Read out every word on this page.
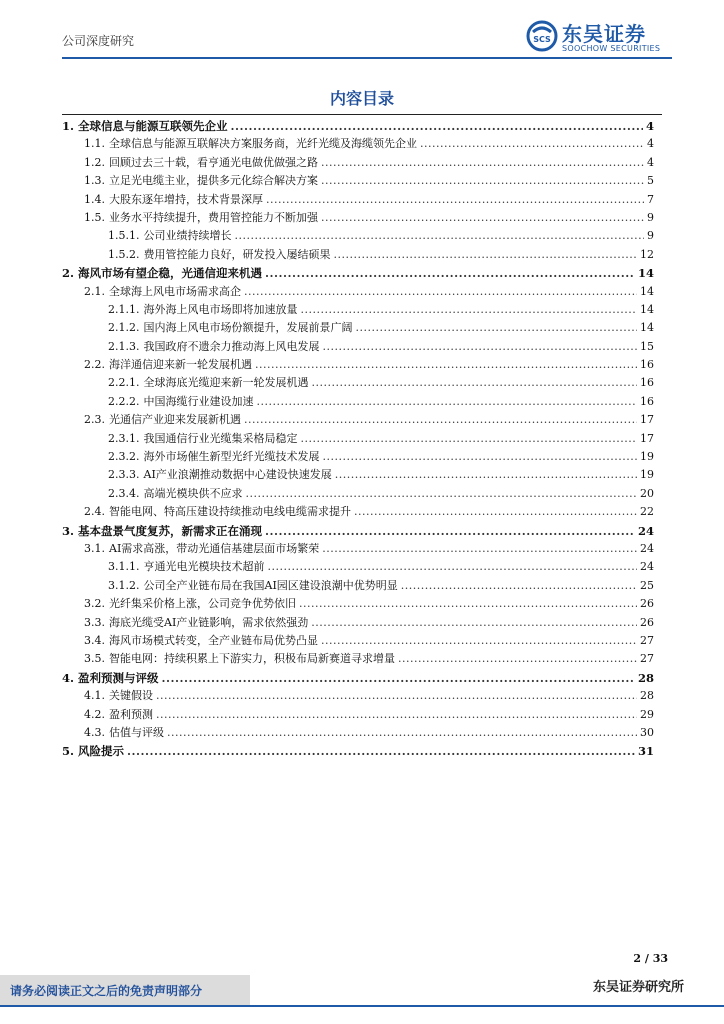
公司深度研究	SCS 东吴证券
SOOCHOW SECURITIES
内容目录
1. 全球信息与能源互联领先企业 .....	4
1.1. 全球信息与能源互联解决方案服务商，光纤光缆及海缆领先企业 .....	4
1.2. 回顾过去三十载，看亨通光电做优做强之路 .....	4
1.3. 立足光电缆主业，提供多元化综合解决方案 .....	5
1.4. 大股东逐年增持，技术背景深厚 .....	7
1.5. 业务水平持续提升，费用管控能力不断加强 .....	9
1.5.1. 公司业绩持续增长 .....	9
1.5.2. 费用管控能力良好，研发投入屡结硕果 .....	12
2. 海风市场有望企稳，光通信迎来机遇 .....	14
2.1. 全球海上风电市场需求高企 .....	14
2.1.1. 海外海上风电市场即将加速放量 .....	14
2.1.2. 国内海上风电市场份额提升，发展前景广阔 .....	14
2.1.3. 我国政府不遗余力推动海上风电发展 .....	15
2.2. 海洋通信迎来新一轮发展机遇 .....	16
2.2.1. 全球海底光缆迎来新一轮发展机遇 .....	16
2.2.2. 中国海缆行业建设加速 .....	16
2.3. 光通信产业迎来发展新机遇 .....	17
2.3.1. 我国通信行业光缆集采格局稳定 .....	17
2.3.2. 海外市场催生新型光纤光缆技术发展 .....	19
2.3.3. AI产业浪潮推动数据中心建设快速发展 .....	19
2.3.4. 高端光模块供不应求 .....	20
2.4. 智能电网、特高压建设持续推动电线电缆需求提升 .....	22
3. 基本盘景气度复苏，新需求正在涌现 .....	24
3.1. AI需求高涨，带动光通信基建层面市场繁荣 .....	24
3.1.1. 亨通光电光模块技术超前 .....	24
3.1.2. 公司全产业链布局在我国AI园区建设浪潮中优势明显 .....	25
3.2. 光纤集采价格上涨，公司竞争优势依旧 .....	26
3.3. 海底光缆受AI产业链影响，需求依然强劲 .....	26
3.4. 海风市场模式转变，全产业链布局优势凸显 .....	27
3.5. 智能电网：持续积累上下游实力，积极布局新赛道寻求增量 .....	27
4. 盈利预测与评级 .....	28
4.1. 关键假设 .....	28
4.2. 盈利预测 .....	29
4.3. 估值与评级 .....	30
5. 风险提示 .....	31
2 / 33
请务必阅读正文之后的免责声明部分	东吴证券研究所
